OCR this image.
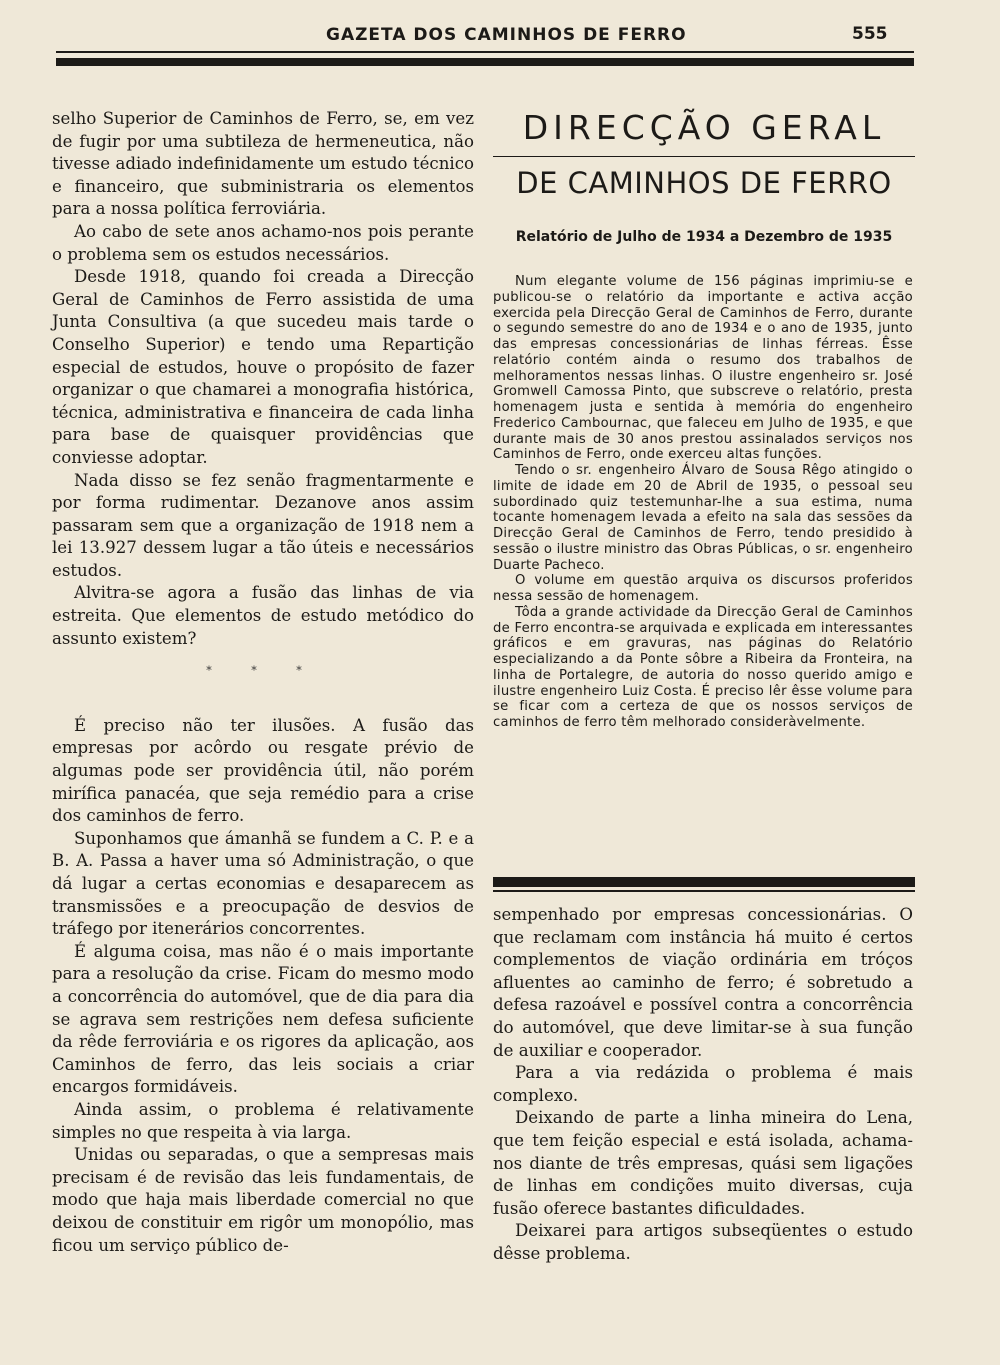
GAZETA DOS CAMINHOS DE FERRO	555

selho Superior de Caminhos de Ferro, se, em vez de fugir por uma subtileza de hermeneutica, não tivesse adiado indefinidamente um estudo técnico e financeiro, que subministraria os elementos para a nossa política ferroviária.

Ao cabo de sete anos achamo-nos pois perante o problema sem os estudos necessários.

Desde 1918, quando foi creada a Direcção Geral de Caminhos de Ferro assistida de uma Junta Consultiva (a que sucedeu mais tarde o Conselho Superior) e tendo uma Repartição especial de estudos, houve o propósito de fazer organizar o que chamarei a monografia histórica, técnica, administrativa e financeira de cada linha para base de quaisquer providências que conviesse adoptar.

Nada disso se fez senão fragmentarmente e por forma rudimentar. Dezanove anos assim passaram sem que a organização de 1918 nem a lei 13.927 dessem lugar a tão úteis e necessários estudos.

Alvitra-se agora a fusão das linhas de via estreita. Que elementos de estudo metódico do assunto existem?

* * *

É preciso não ter ilusões. A fusão das empresas por acôrdo ou resgate prévio de algumas pode ser providência útil, não porém mirífica panacéa, que seja remédio para a crise dos caminhos de ferro.

Suponhamos que ámanhã se fundem a C. P. e a B. A. Passa a haver uma só Administração, o que dá lugar a certas economias e desaparecem as transmissões e a preocupação de desvios de tráfego por itenerários concorrentes.

É alguma coisa, mas não é o mais importante para a resolução da crise. Ficam do mesmo modo a concorrência do automóvel, que de dia para dia se agrava sem restrições nem defesa suficiente da rêde ferroviária e os rigores da aplicação, aos Caminhos de ferro, das leis sociais a criar encargos formidáveis.

Ainda assim, o problema é relativamente simples no que respeita à via larga.

Unidas ou separadas, o que a sempresas mais precisam é de revisão das leis fundamentais, de modo que haja mais liberdade comercial no que deixou de constituir em rigôr um monopólio, mas ficou um serviço público de-

DIRECÇÃO GERAL
DE CAMINHOS DE FERRO
Relatório de Julho de 1934 a Dezembro de 1935

Num elegante volume de 156 páginas imprimiu-se e publicou-se o relatório da importante e activa acção exercida pela Direcção Geral de Caminhos de Ferro, durante o segundo semestre do ano de 1934 e o ano de 1935, junto das empresas concessionárias de linhas férreas. Êsse relatório contém ainda o resumo dos trabalhos de melhoramentos nessas linhas. O ilustre engenheiro sr. José Gromwell Camossa Pinto, que subscreve o relatório, presta homenagem justa e sentida à memória do engenheiro Frederico Cambournac, que faleceu em Julho de 1935, e que durante mais de 30 anos prestou assinalados serviços nos Caminhos de Ferro, onde exerceu altas funções.

Tendo o sr. engenheiro Álvaro de Sousa Rêgo atingido o limite de idade em 20 de Abril de 1935, o pessoal seu subordinado quiz testemunhar-lhe a sua estima, numa tocante homenagem levada a efeito na sala das sessões da Direcção Geral de Caminhos de Ferro, tendo presidido à sessão o ilustre ministro das Obras Públicas, o sr. engenheiro Duarte Pacheco.

O volume em questão arquiva os discursos proferidos nessa sessão de homenagem.

Tôda a grande actividade da Direcção Geral de Caminhos de Ferro encontra-se arquivada e explicada em interessantes gráficos e em gravuras, nas páginas do Relatório especializando a da Ponte sôbre a Ribeira da Fronteira, na linha de Portalegre, de autoria do nosso querido amigo e ilustre engenheiro Luiz Costa. É preciso lêr êsse volume para se ficar com a certeza de que os nossos serviços de caminhos de ferro têm melhorado consideràvelmente.

sempenhado por empresas concessionárias. O que reclamam com instância há muito é certos complementos de viação ordinária em tróços afluentes ao caminho de ferro; é sobretudo a defesa razoável e possível contra a concorrência do automóvel, que deve limitar-se à sua função de auxiliar e cooperador.

Para a via redázida o problema é mais complexo.

Deixando de parte a linha mineira do Lena, que tem feição especial e está isolada, achama-nos diante de três empresas, quási sem ligações de linhas em condições muito diversas, cuja fusão oferece bastantes dificuldades.

Deixarei para artigos subseqüentes o estudo dêsse problema.
